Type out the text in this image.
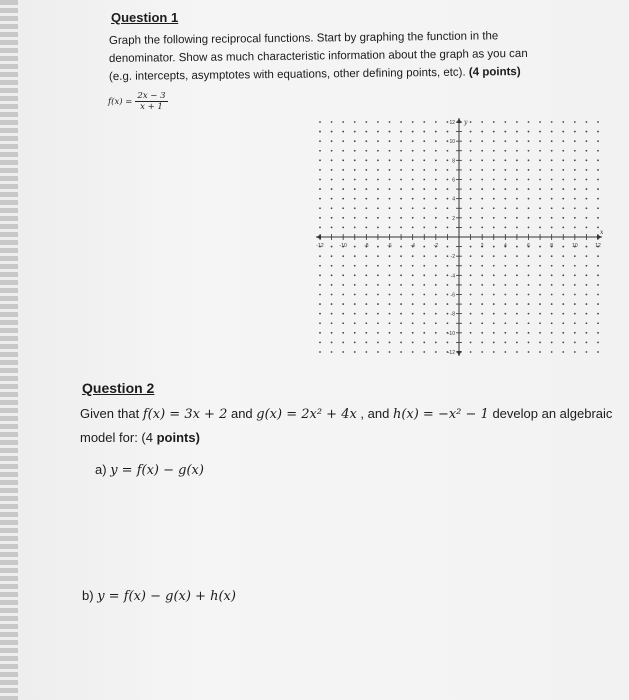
Question 1
Graph the following reciprocal functions. Start by graphing the function in the
denominator. Show as much characteristic information about the graph as you can
(e.g. intercepts, asymptotes with equations, other defining points, etc). (4 points)
$f(x) = \frac{2x - 3}{x + 1}$
-12	-10	-8	-6	-4	-2	2	4	6	8	10	12
12
10
8
6
4
2
-2
-4
-6
-8
-10
-12
y
x
Question 2
Given that f(x) = 3x + 2 and g(x) = 2x² + 4x , and h(x) = −x² − 1 develop an algebraic
model for: (4 points)
a) y = f(x) − g(x)
b) y = f(x) − g(x) + h(x)
